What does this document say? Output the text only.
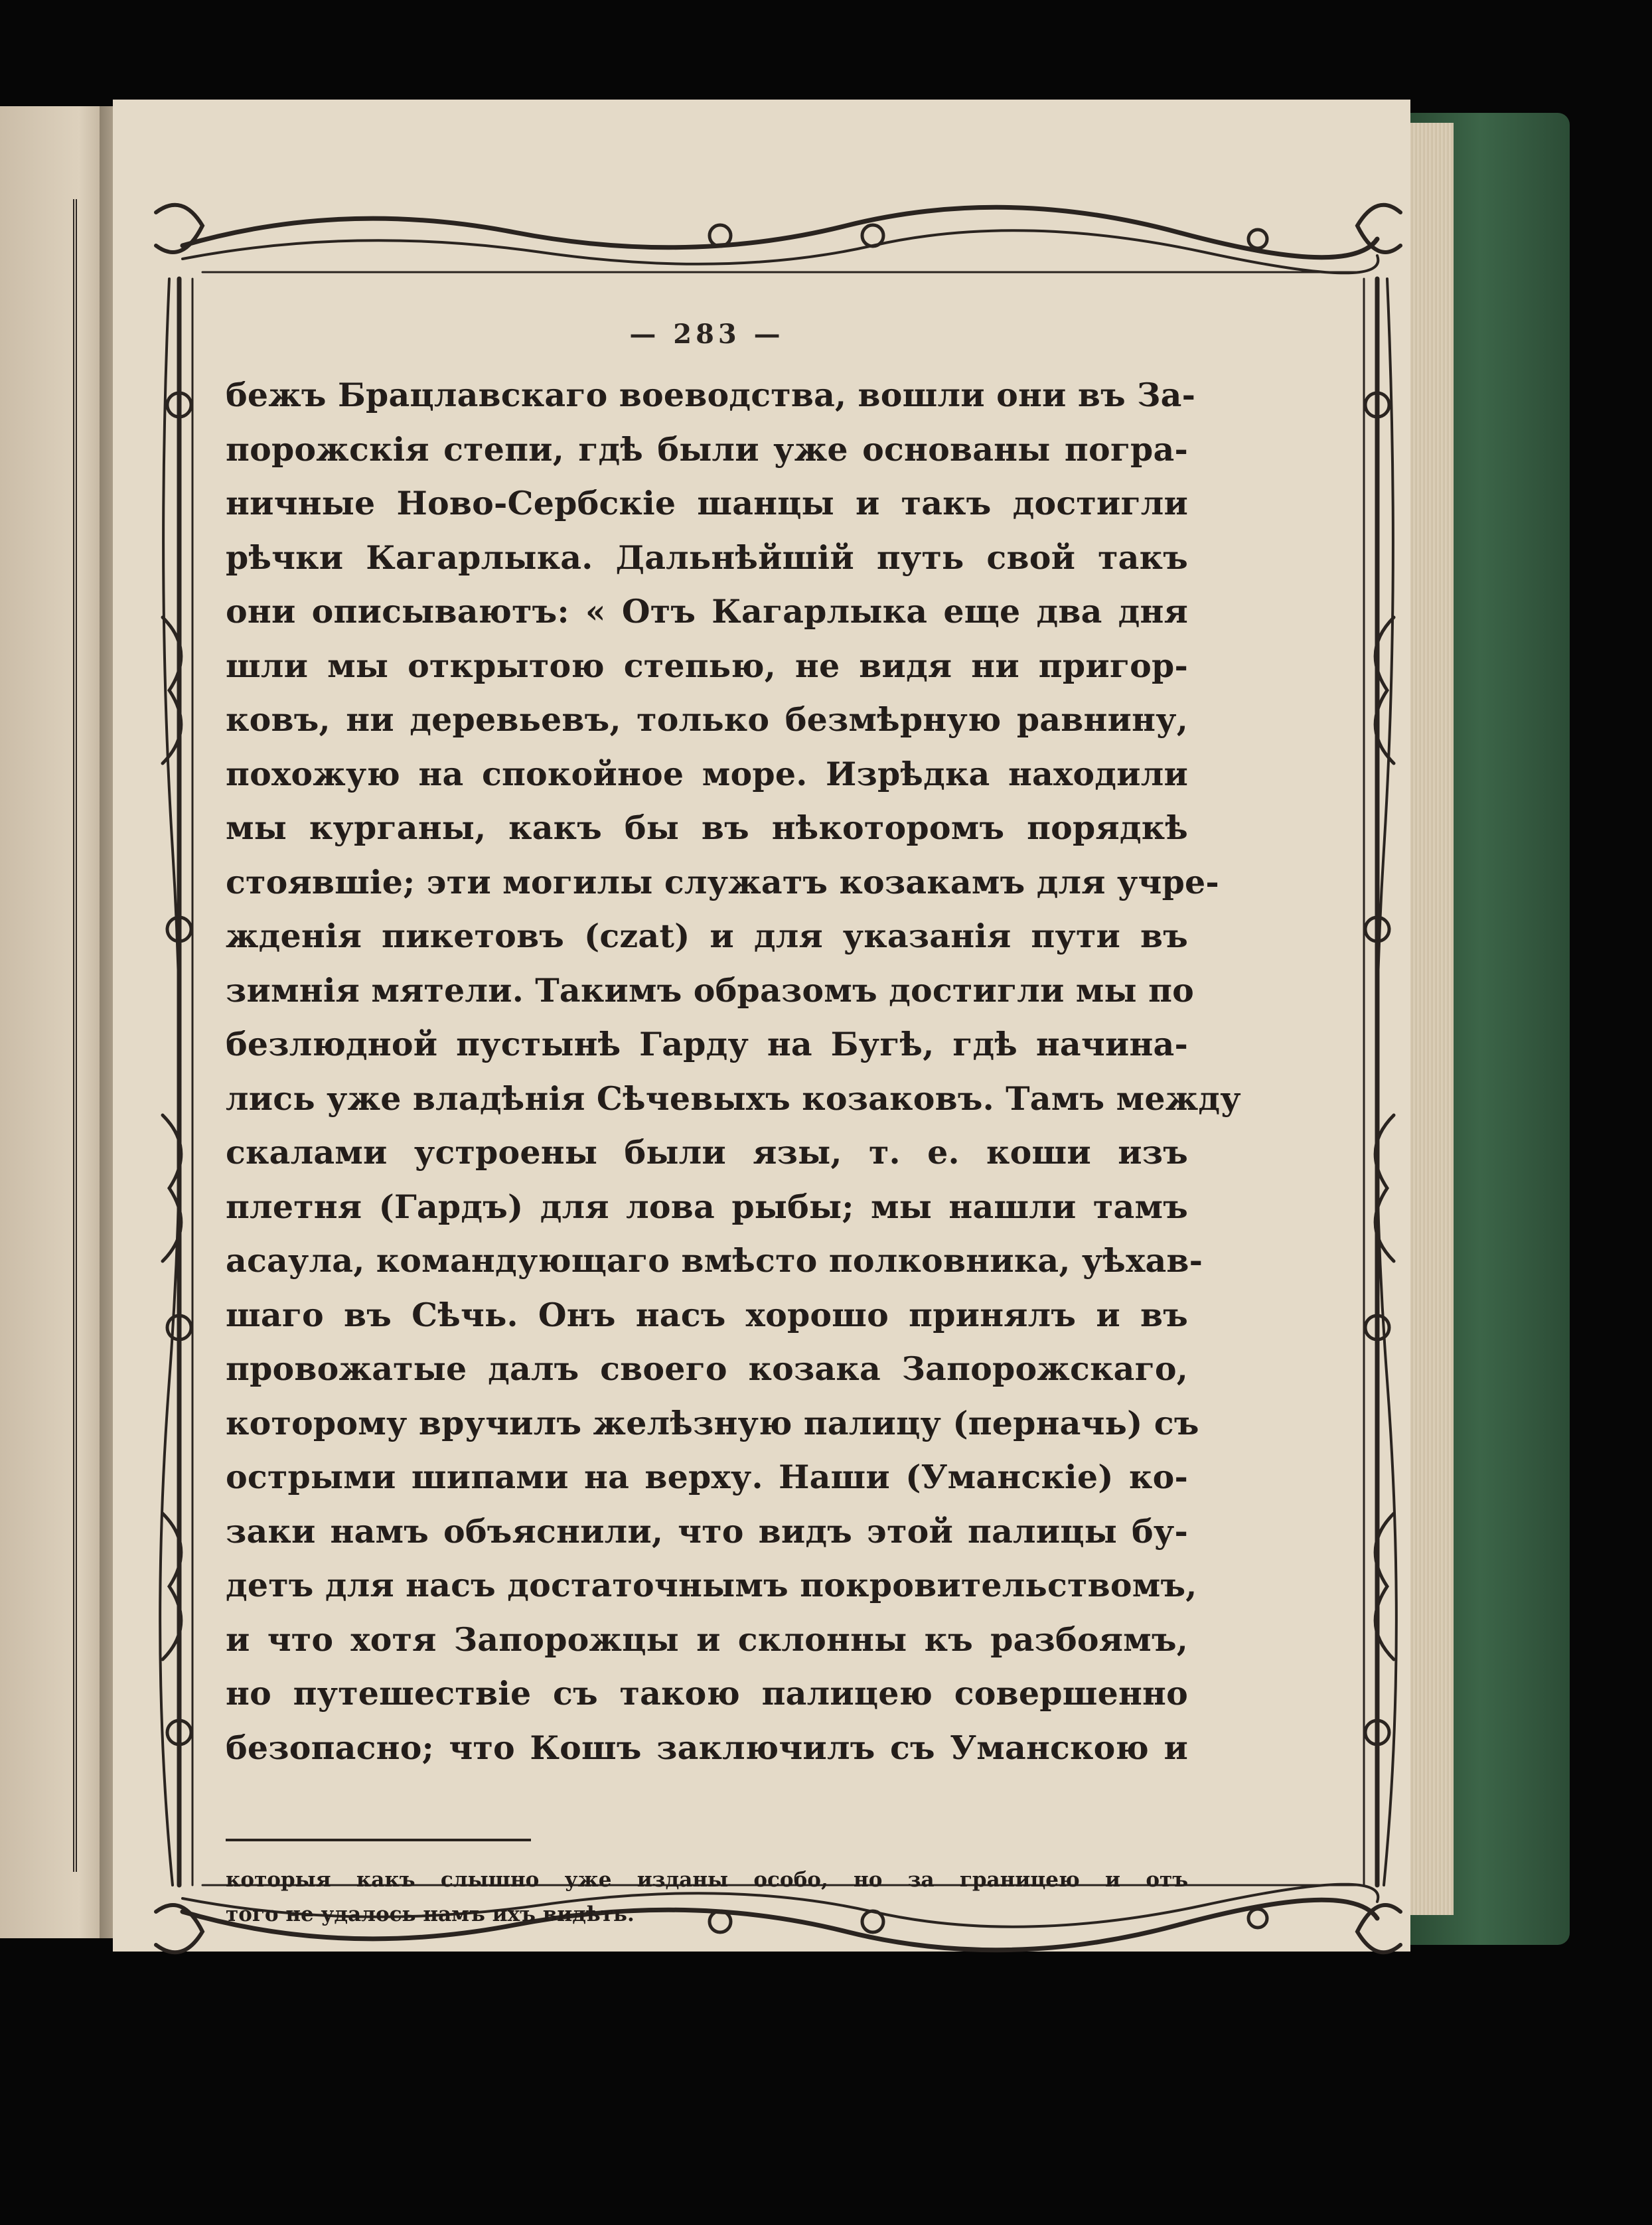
— 283 —
бежъ Брацлавскаго воеводства, вошли они въ За-
порожскія степи, гдѣ были уже основаны погра-
ничные Ново-Сербскіе шанцы и такъ достигли
рѣчки Кагарлыка. Дальнѣйшій путь свой такъ
они описываютъ: « Отъ Кагарлыка еще два дня
шли мы открытою степью, не видя ни пригор-
ковъ, ни деревьевъ, только безмѣрную равнину,
похожую на спокойное море. Изрѣдка находили
мы курганы, какъ бы въ нѣкоторомъ порядкѣ
стоявшіе; эти могилы служатъ козакамъ для учре-
жденія пикетовъ (czat) и для указанія пути въ
зимнія мятели. Такимъ образомъ достигли мы по
безлюдной пустынѣ Гарду на Бугѣ, гдѣ начина-
лись уже владѣнія Сѣчевыхъ козаковъ. Тамъ между
скалами устроены были язы, т. е. коши изъ
плетня (Гардъ) для лова рыбы; мы нашли тамъ
асаула, командующаго вмѣсто полковника, уѣхав-
шаго въ Сѣчь. Онъ насъ хорошо принялъ и въ
провожатые далъ своего козака Запорожскаго,
которому вручилъ желѣзную палицу (перначь) съ
острыми шипами на верху. Наши (Уманскіе) ко-
заки намъ объяснили, что видъ этой палицы бу-
детъ для насъ достаточнымъ покровительствомъ,
и что хотя Запорожцы и склонны къ разбоямъ,
но путешествіе съ такою палицею совершенно
безопасно; что Кошъ заключилъ съ Уманскою и
которыя какъ слышно уже изданы особо, но за границею и отъ
того не удалось намъ ихъ видѣть.
